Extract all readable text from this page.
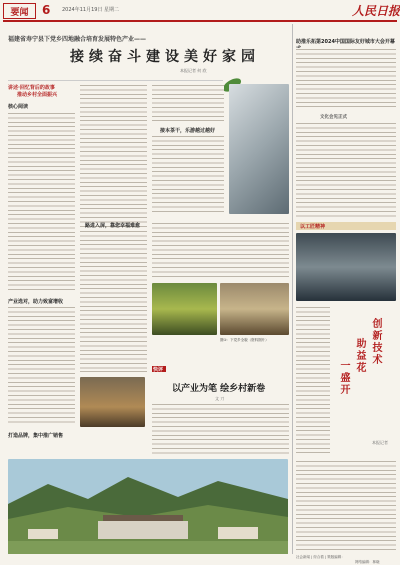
要闻	6 2024年11月19日 星期二	人民日报
福建省寿宁县下党乡四地融合培育发展特色产业——
接续奋斗建设美好家园
本报记者 何 欣
讲述·回忆背后的故事
推动乡村全面振兴
核心阅读
产业选对，助力致富增收
打造品牌，集中推广销售
接本茶干，乐游越过越好
路进入屏，靠您幸福难愈
图①：下党乡全貌（资料图片）
快评
以产业为笔 绘乡村新卷
文 刀
助推乐拓第2024中国国际友好城市大会开幕
文化会见正式
以工匠精神
创新技术
助益花
一盛开
本报记者
社会新闻 | 综合看 | 策版编辑：
网络编辑：林晓
